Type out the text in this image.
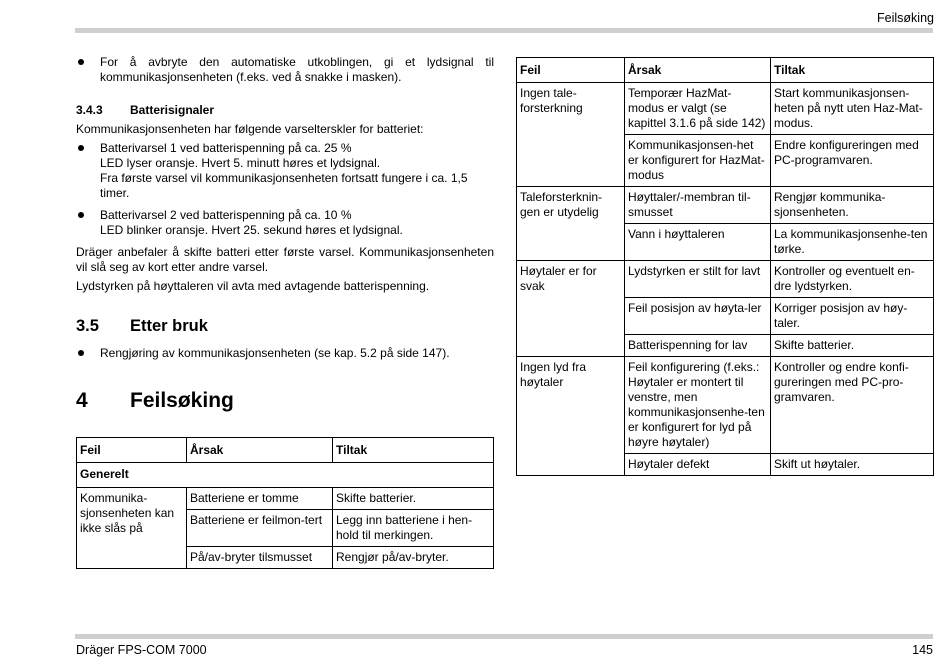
Feilsøking

For å avbryte den automatiske utkoblingen, gi et lydsignal til kommunikasjonsenheten (f.eks. ved å snakke i masken).

3.4.3	Batterisignaler

Kommunikasjonsenheten har følgende varselterskler for batteriet:

Batterivarsel 1 ved batterispenning på ca. 25 %

LED lyser oransje. Hvert 5. minutt høres et lydsignal.

Fra første varsel vil kommunikasjonsenheten fortsatt fungere i ca. 1,5 timer.

Batterivarsel 2 ved batterispenning på ca. 10 %

LED blinker oransje. Hvert 25. sekund høres et lydsignal.

Dräger anbefaler å skifte batteri etter første varsel. Kommunikasjonsenheten vil slå seg av kort etter andre varsel.

Lydstyrken på høyttaleren vil avta med avtagende batterispenning.

3.5	Etter bruk

Rengjøring av kommunikasjonsenheten (se kap. 5.2 på side 147).

4	Feilsøking
Feil	Årsak	Tiltak
Generelt		
Kommunika-sjonsenheten kan ikke slås på	Batteriene er tomme	Skifte batterier.
	Batteriene er feilmon-tert	Legg inn batteriene i hen-hold til merkingen.
	På/av-bryter tilsmusset	Rengjør på/av-bryter.
Feil	Årsak	Tiltak
Ingen tale-forsterkning	Temporær HazMat-modus er valgt (se kapittel 3.1.6 på side 142)	Start kommunikasjonsen-heten på nytt uten Haz-Mat-modus.
	Kommunikasjonsen-het er konfigurert for HazMat-modus	Endre konfigureringen med PC-programvaren.
Taleforsterknin-gen er utydelig	Høyttaler/-membran til-smusset	Rengjør kommunika-sjonsenheten.
	Vann i høyttaleren	La kommunikasjonsenhe-ten tørke.
Høytaler er for svak	Lydstyrken er stilt for lavt	Kontroller og eventuelt en-dre lydstyrken.
	Feil posisjon av høyta-ler	Korriger posisjon av høy-taler.
	Batterispenning for lav	Skifte batterier.
Ingen lyd fra høytaler	Feil konfigurering (f.eks.: Høytaler er montert til venstre, men kommunikasjonsenhe-ten er konfigurert for lyd på høyre høytaler)	Kontroller og endre konfi-gureringen med PC-pro-gramvaren.
	Høytaler defekt	Skift ut høytaler.
Dräger FPS-COM 7000	145
